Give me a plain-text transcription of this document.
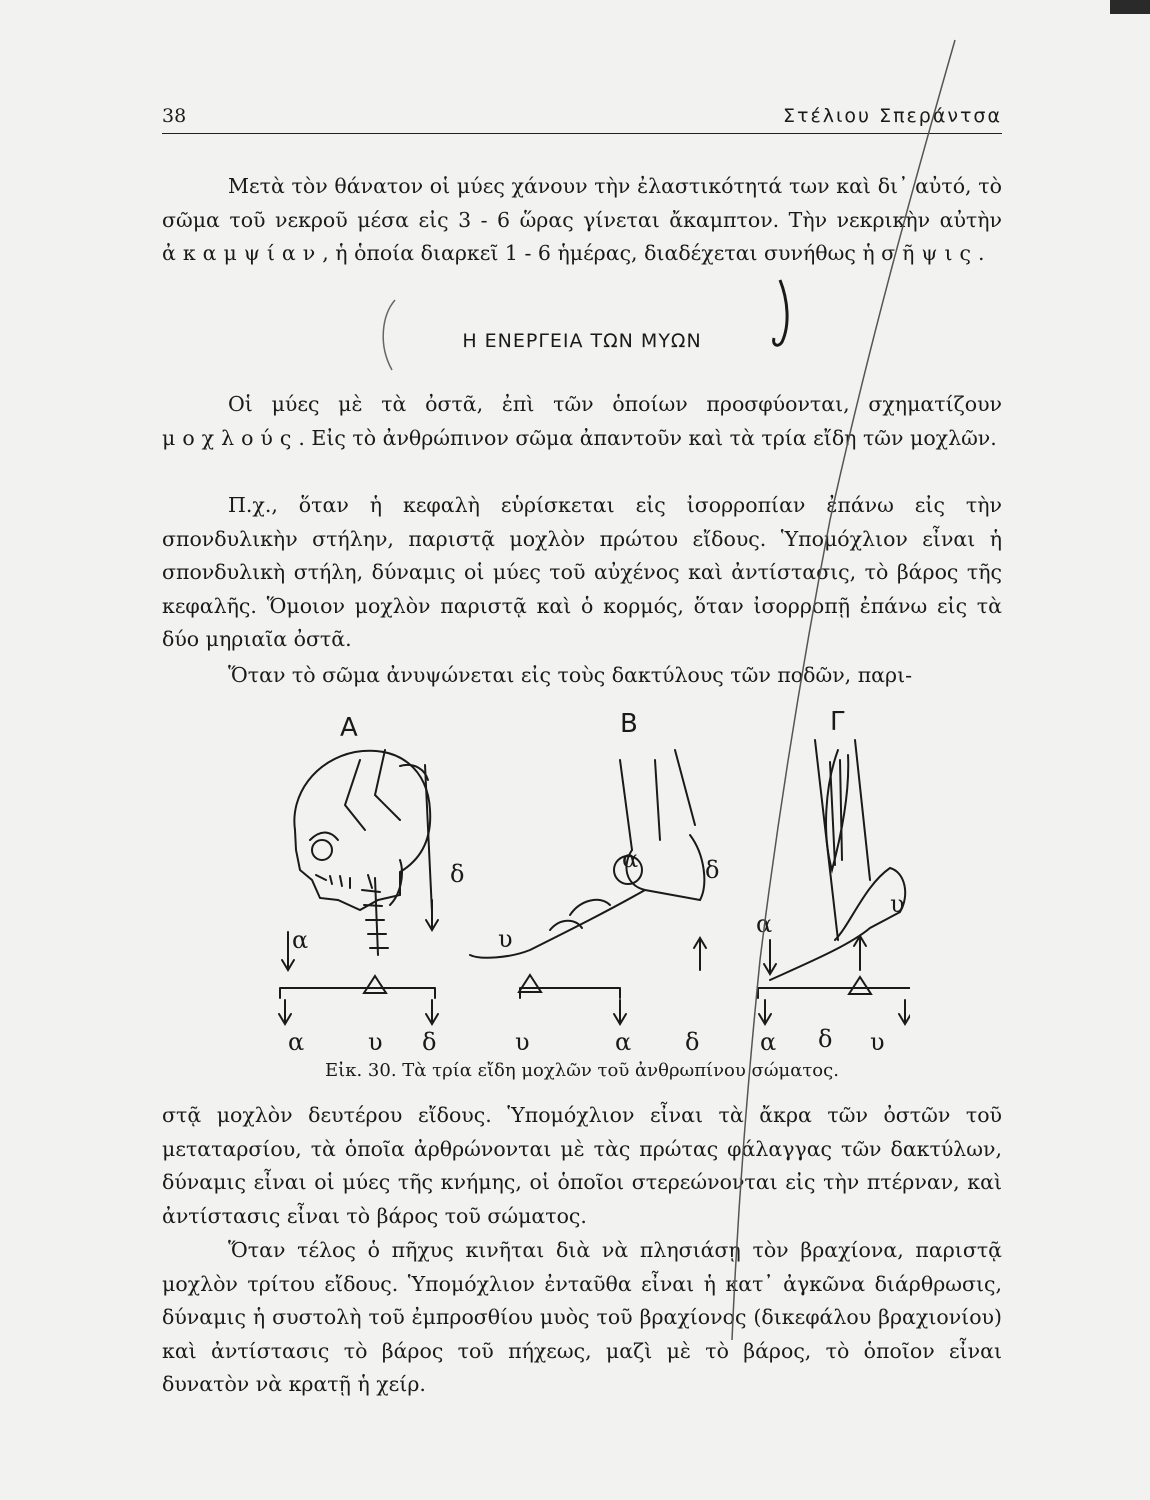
38	Στέλιου Σπεράντσα

Μετὰ τὸν θάνατον οἱ μύες χάνουν τὴν ἐλαστικότητά των καὶ δι᾿ αὐτό, τὸ σῶμα τοῦ νεκροῦ μέσα εἰς 3 - 6 ὥρας γίνεται ἄκαμπτον. Τὴν νεκρικὴν αὐτὴν ἀκαμψίαν, ἡ ὁποία διαρκεῖ 1 - 6 ἡμέρας, διαδέχεται συνήθως ἡ σῆψις.

Η ΕΝΕΡΓΕΙΑ ΤΩΝ ΜΥΩΝ

Οἱ μύες μὲ τὰ ὀστᾶ, ἐπὶ τῶν ὁποίων προσφύονται, σχηματίζουν μοχλούς. Εἰς τὸ ἀνθρώπινον σῶμα ἀπαντοῦν καὶ τὰ τρία εἴδη τῶν μοχλῶν.

Π.χ., ὅταν ἡ κεφαλὴ εὑρίσκεται εἰς ἰσορροπίαν ἐπάνω εἰς τὴν σπονδυλικὴν στήλην, παριστᾷ μοχλὸν πρώτου εἴδους. Ὑπομόχλιον εἶναι ἡ σπονδυλικὴ στήλη, δύναμις οἱ μύες τοῦ αὐχένος καὶ ἀντίστασις, τὸ βάρος τῆς κεφαλῆς. Ὅμοιον μοχλὸν παριστᾷ καὶ ὁ κορμός, ὅταν ἰσορροπῇ ἐπάνω εἰς τὰ δύο μηριαῖα ὀστᾶ.

Ὅταν τὸ σῶμα ἀνυψώνεται εἰς τοὺς δακτύλους τῶν ποδῶν, παρι-

Α	Β	Γ
α
δ
α	υ δ
δ
α
υ
υ	α δ
α
υ
α δ υ
Εἰκ. 30. Τὰ τρία εἴδη μοχλῶν τοῦ ἀνθρωπίνου σώματος.

στᾷ μοχλὸν δευτέρου εἴδους. Ὑπομόχλιον εἶναι τὰ ἄκρα τῶν ὀστῶν τοῦ μεταταρσίου, τὰ ὁποῖα ἀρθρώνονται μὲ τὰς πρώτας φάλαγγας τῶν δακτύλων, δύναμις εἶναι οἱ μύες τῆς κνήμης, οἱ ὁποῖοι στερεώνονται εἰς τὴν πτέρναν, καὶ ἀντίστασις εἶναι τὸ βάρος τοῦ σώματος.

Ὅταν τέλος ὁ πῆχυς κινῆται διὰ νὰ πλησιάσῃ τὸν βραχίονα, παριστᾷ μοχλὸν τρίτου εἴδους. Ὑπομόχλιον ἐνταῦθα εἶναι ἡ κατ᾿ ἀγκῶνα διάρθρωσις, δύναμις ἡ συστολὴ τοῦ ἐμπροσθίου μυὸς τοῦ βραχίονος (δικεφάλου βραχιονίου) καὶ ἀντίστασις τὸ βάρος τοῦ πήχεως, μαζὶ μὲ τὸ βάρος, τὸ ὁποῖον εἶναι δυνατὸν νὰ κρατῇ ἡ χείρ.
